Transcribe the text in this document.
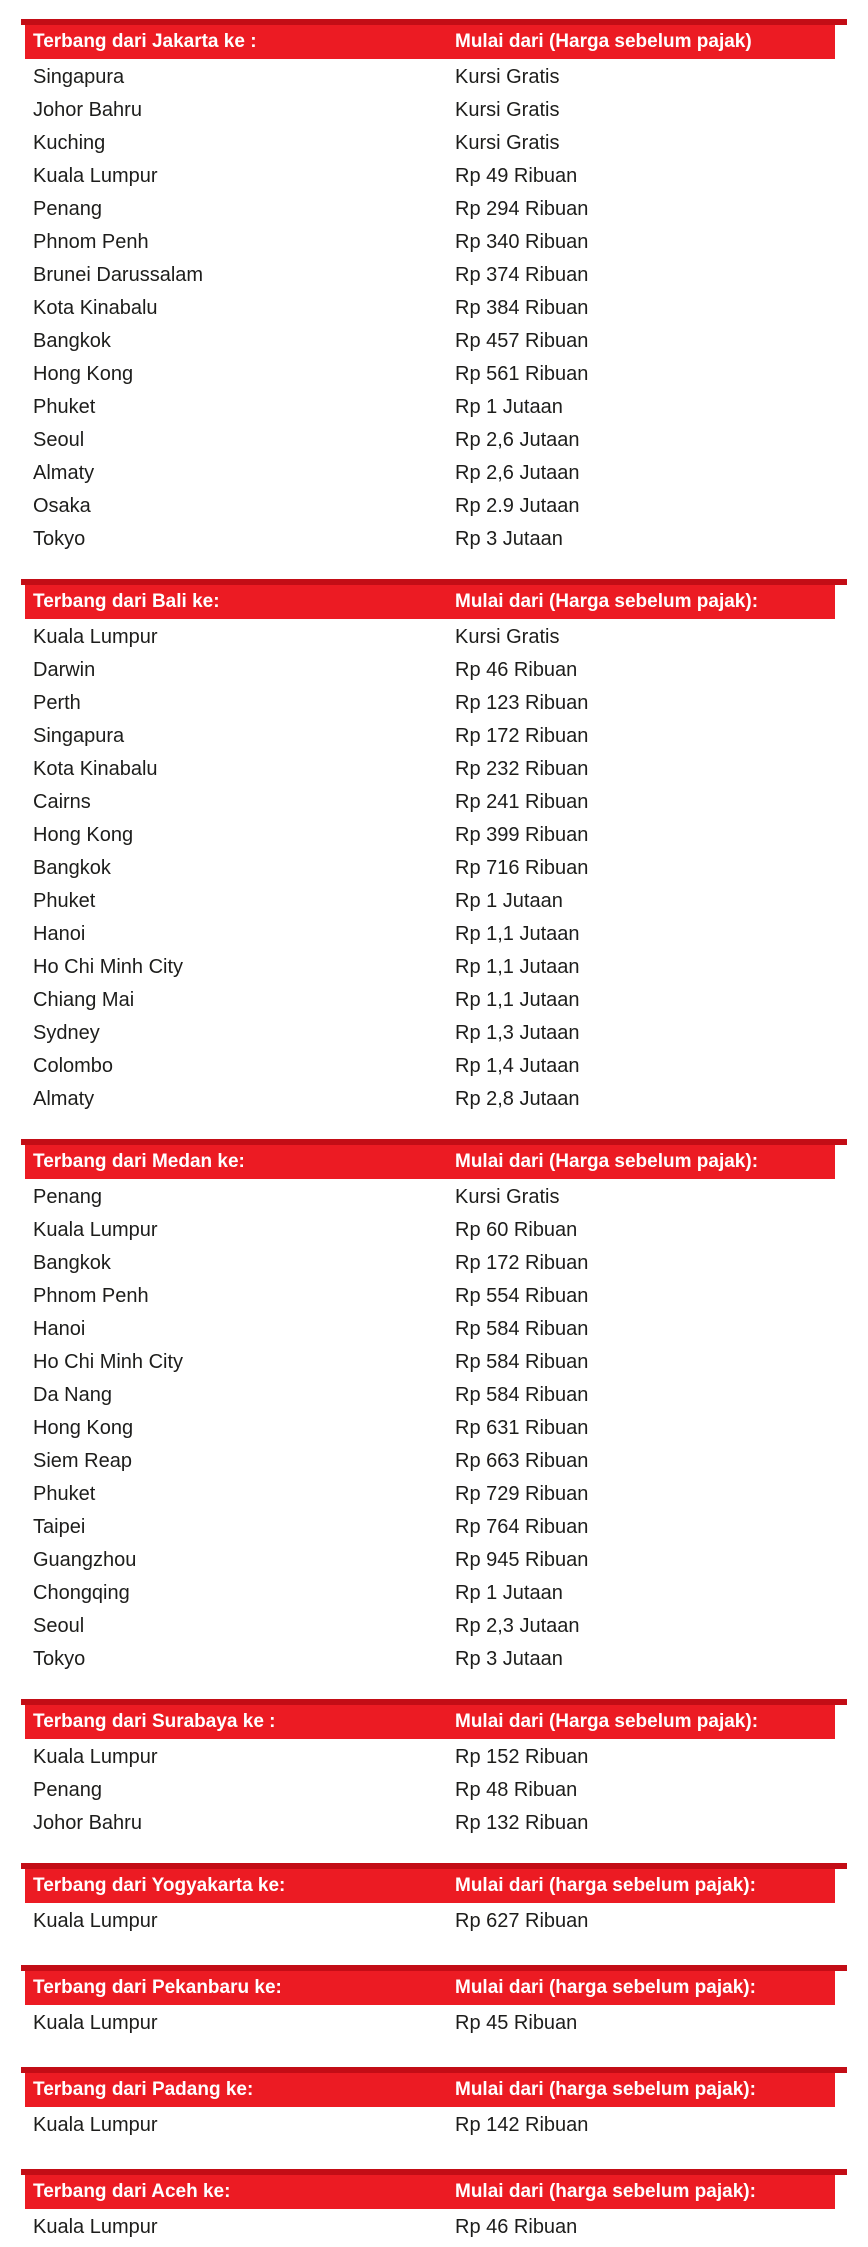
Terbang dari Jakarta ke :	Mulai dari (Harga sebelum pajak)
Singapura	Kursi Gratis
Johor Bahru	Kursi Gratis
Kuching	Kursi Gratis
Kuala Lumpur	Rp 49 Ribuan
Penang	Rp 294 Ribuan
Phnom Penh	Rp 340 Ribuan
Brunei Darussalam	Rp 374 Ribuan
Kota Kinabalu	Rp 384 Ribuan
Bangkok	Rp 457 Ribuan
Hong Kong	Rp 561 Ribuan
Phuket	Rp 1 Jutaan
Seoul	Rp 2,6 Jutaan
Almaty	Rp 2,6 Jutaan
Osaka	Rp 2.9 Jutaan
Tokyo	Rp 3 Jutaan
Terbang dari Bali ke:	Mulai dari (Harga sebelum pajak):
Kuala Lumpur	Kursi Gratis
Darwin	Rp 46 Ribuan
Perth	Rp 123 Ribuan
Singapura	Rp 172 Ribuan
Kota Kinabalu	Rp 232 Ribuan
Cairns	Rp 241 Ribuan
Hong Kong	Rp 399 Ribuan
Bangkok	Rp 716 Ribuan
Phuket	Rp 1 Jutaan
Hanoi	Rp 1,1 Jutaan
Ho Chi Minh City	Rp 1,1 Jutaan
Chiang Mai	Rp 1,1 Jutaan
Sydney	Rp 1,3 Jutaan
Colombo	Rp 1,4 Jutaan
Almaty	Rp 2,8 Jutaan
Terbang dari Medan ke:	Mulai dari (Harga sebelum pajak):
Penang	Kursi Gratis
Kuala Lumpur	Rp 60 Ribuan
Bangkok	Rp 172 Ribuan
Phnom Penh	Rp 554 Ribuan
Hanoi	Rp 584 Ribuan
Ho Chi Minh City	Rp 584 Ribuan
Da Nang	Rp 584 Ribuan
Hong Kong	Rp 631 Ribuan
Siem Reap	Rp 663 Ribuan
Phuket	Rp 729 Ribuan
Taipei	Rp 764 Ribuan
Guangzhou	Rp 945 Ribuan
Chongqing	Rp 1 Jutaan
Seoul	Rp 2,3 Jutaan
Tokyo	Rp 3 Jutaan
Terbang dari Surabaya ke :	Mulai dari (Harga sebelum pajak):
Kuala Lumpur	Rp 152 Ribuan
Penang	Rp 48 Ribuan
Johor Bahru	Rp 132 Ribuan
Terbang dari Yogyakarta ke:	Mulai dari (harga sebelum pajak):
Kuala Lumpur	Rp 627 Ribuan
Terbang dari Pekanbaru ke:	Mulai dari (harga sebelum pajak):
Kuala Lumpur	Rp 45 Ribuan
Terbang dari Padang ke:	Mulai dari (harga sebelum pajak):
Kuala Lumpur	Rp 142 Ribuan
Terbang dari Aceh ke:	Mulai dari (harga sebelum pajak):
Kuala Lumpur	Rp 46 Ribuan
